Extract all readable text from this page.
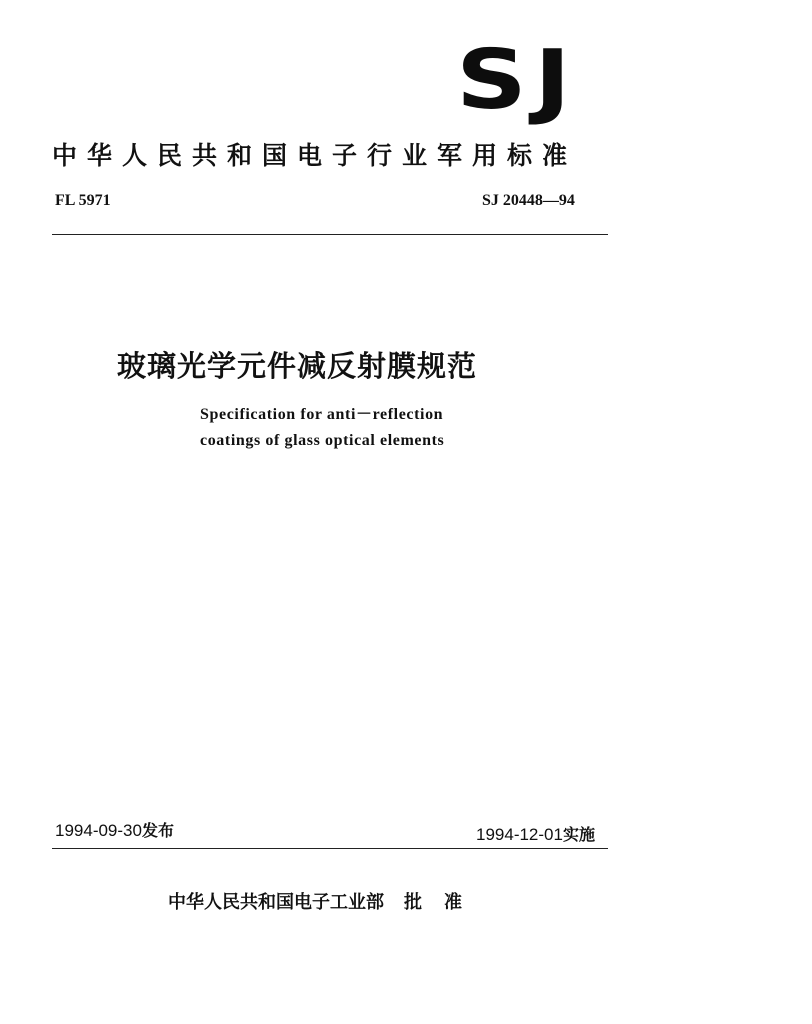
SJ
中华人民共和国电子行业军用标准
FL 5971	SJ 20448—94
玻璃光学元件减反射膜规范
Specification for anti－reflection
coatings of glass optical elements
1994-09-30发布	1994-12-01实施
中华人民共和国电子工业部 批 准
